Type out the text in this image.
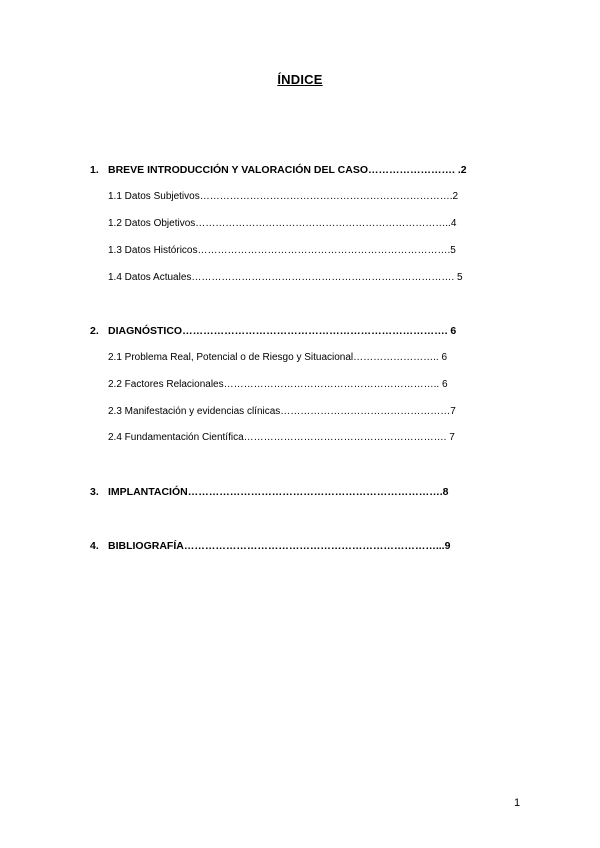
ÍNDICE
1. BREVE INTRODUCCIÓN Y VALORACIÓN DEL CASO……………………. .2
1.1 Datos Subjetivos………………………………………………………………….2
1.2 Datos Objetivos…………………………………………………………………..4
1.3 Datos Históricos………………………………………………………………….5
1.4 Datos Actuales……………………………………………………………………. 5
2. DIAGNÓSTICO…………………………………………………………………. 6
2.1 Problema Real, Potencial o de Riesgo y Situacional…………………….. 6
2.2 Factores Relacionales……………………………………………………….. 6
2.3 Manifestación y evidencias clínicas……………………………………………7
2.4 Fundamentación Científica……………………………………………………. 7
3. IMPLANTACIÓN……………………………………………………………….8
4. BIBLIOGRAFÍA………………………………………………………………...9
1
